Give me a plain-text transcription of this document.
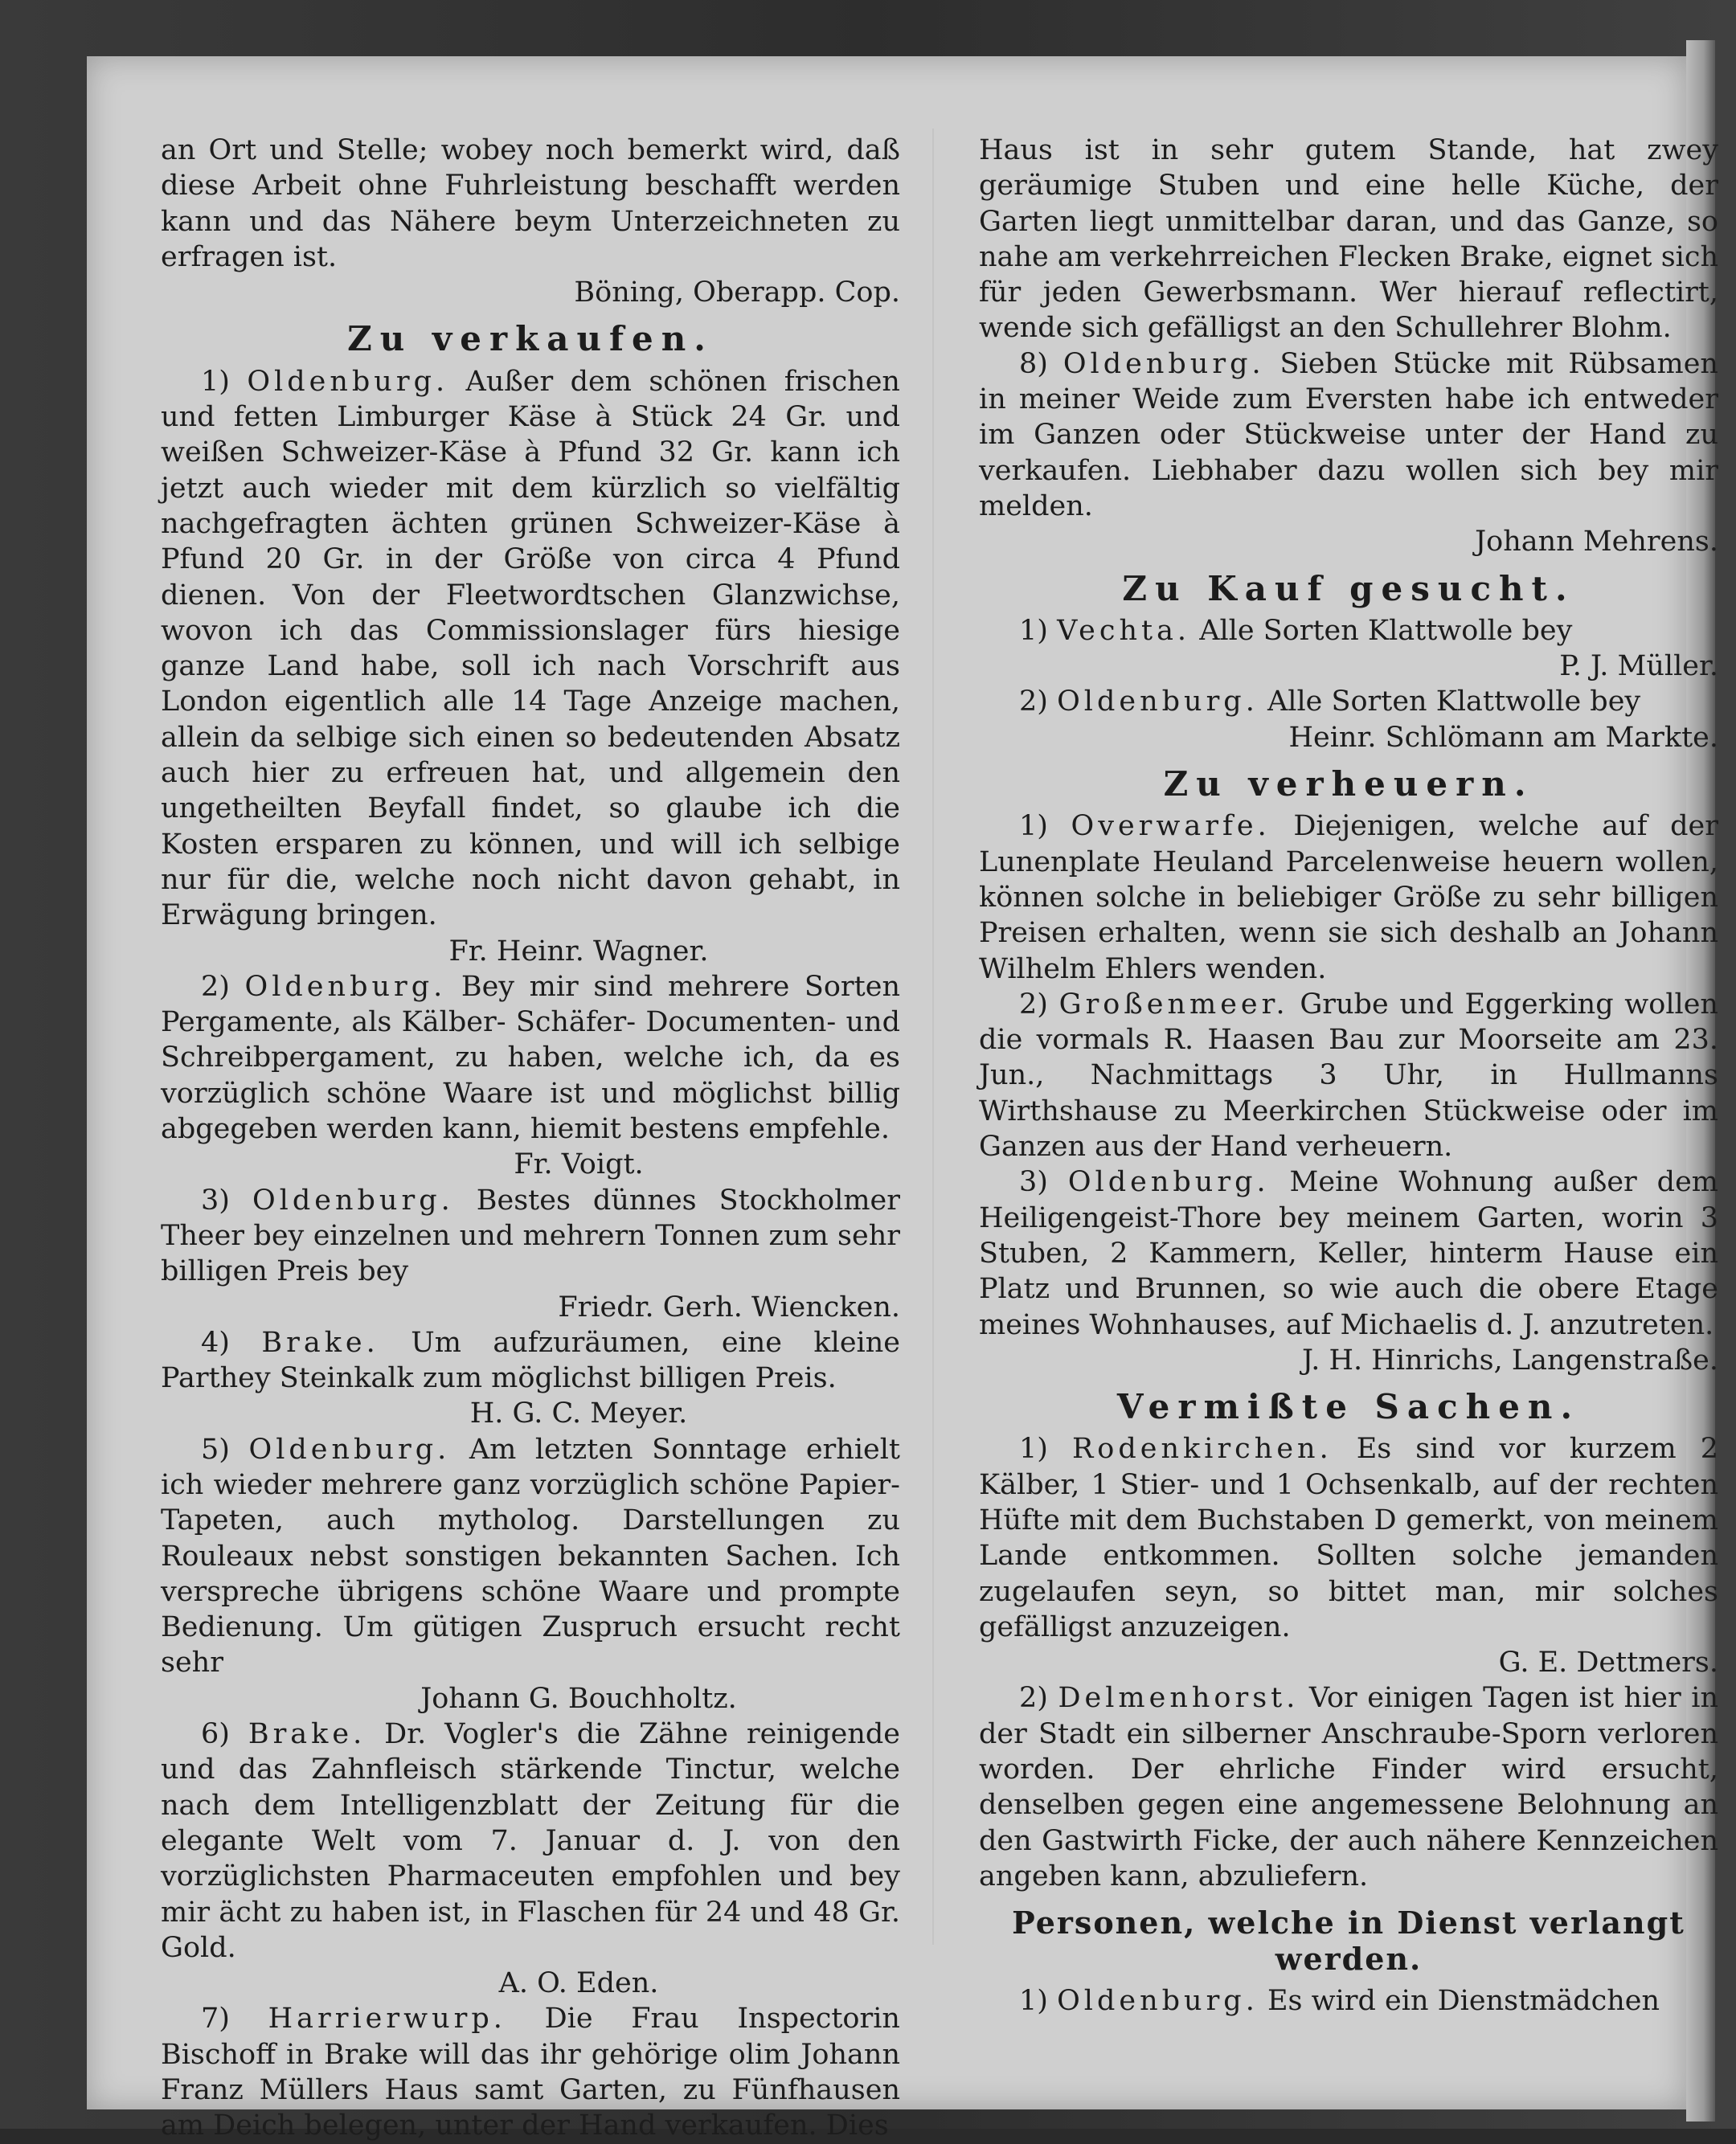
an Ort und Stelle; wobey noch bemerkt wird, daß diese Arbeit ohne Fuhrleistung beschafft werden kann und das Nähere beym Unterzeichneten zu erfragen ist.

Böning, Oberapp. Cop.

Zu verkaufen.

1) Oldenburg. Außer dem schönen frischen und fetten Limburger Käse à Stück 24 Gr. und weißen Schweizer-Käse à Pfund 32 Gr. kann ich jetzt auch wieder mit dem kürzlich so vielfältig nachgefragten ächten grünen Schweizer-Käse à Pfund 20 Gr. in der Größe von circa 4 Pfund dienen. Von der Fleetwordtschen Glanzwichse, wovon ich das Commissionslager fürs hiesige ganze Land habe, soll ich nach Vorschrift aus London eigentlich alle 14 Tage Anzeige machen, allein da selbige sich einen so bedeutenden Absatz auch hier zu erfreuen hat, und allgemein den ungetheilten Beyfall findet, so glaube ich die Kosten ersparen zu können, und will ich selbige nur für die, welche noch nicht davon gehabt, in Erwägung bringen.

Fr. Heinr. Wagner.

2) Oldenburg. Bey mir sind mehrere Sorten Pergamente, als Kälber- Schäfer- Documenten- und Schreibpergament, zu haben, welche ich, da es vorzüglich schöne Waare ist und möglichst billig abgegeben werden kann, hiemit bestens empfehle.

Fr. Voigt.

3) Oldenburg. Bestes dünnes Stockholmer Theer bey einzelnen und mehrern Tonnen zum sehr billigen Preis bey

Friedr. Gerh. Wiencken.

4) Brake. Um aufzuräumen, eine kleine Parthey Steinkalk zum möglichst billigen Preis.

H. G. C. Meyer.

5) Oldenburg. Am letzten Sonntage erhielt ich wieder mehrere ganz vorzüglich schöne Papier-Tapeten, auch mytholog. Darstellungen zu Rouleaux nebst sonstigen bekannten Sachen. Ich verspreche übrigens schöne Waare und prompte Bedienung. Um gütigen Zuspruch ersucht recht sehr

Johann G. Bouchholtz.

6) Brake. Dr. Vogler's die Zähne reinigende und das Zahnfleisch stärkende Tinctur, welche nach dem Intelligenzblatt der Zeitung für die elegante Welt vom 7. Januar d. J. von den vorzüglichsten Pharmaceuten empfohlen und bey mir ächt zu haben ist, in Flaschen für 24 und 48 Gr. Gold.

A. O. Eden.

7) Harrierwurp. Die Frau Inspectorin Bischoff in Brake will das ihr gehörige olim Johann Franz Müllers Haus samt Garten, zu Fünfhausen am Deich belegen, unter der Hand verkaufen. Dies

Haus ist in sehr gutem Stande, hat zwey geräumige Stuben und eine helle Küche, der Garten liegt unmittelbar daran, und das Ganze, so nahe am verkehrreichen Flecken Brake, eignet sich für jeden Gewerbsmann. Wer hierauf reflectirt, wende sich gefälligst an den Schullehrer Blohm.

8) Oldenburg. Sieben Stücke mit Rübsamen in meiner Weide zum Eversten habe ich entweder im Ganzen oder Stückweise unter der Hand zu verkaufen. Liebhaber dazu wollen sich bey mir melden.

Johann Mehrens.

Zu Kauf gesucht.

1) Vechta. Alle Sorten Klattwolle bey

P. J. Müller.

2) Oldenburg. Alle Sorten Klattwolle bey

Heinr. Schlömann am Markte.

Zu verheuern.

1) Overwarfe. Diejenigen, welche auf der Lunenplate Heuland Parcelenweise heuern wollen, können solche in beliebiger Größe zu sehr billigen Preisen erhalten, wenn sie sich deshalb an Johann Wilhelm Ehlers wenden.

2) Großenmeer. Grube und Eggerking wollen die vormals R. Haasen Bau zur Moorseite am 23. Jun., Nachmittags 3 Uhr, in Hullmanns Wirthshause zu Meerkirchen Stückweise oder im Ganzen aus der Hand verheuern.

3) Oldenburg. Meine Wohnung außer dem Heiligengeist-Thore bey meinem Garten, worin 3 Stuben, 2 Kammern, Keller, hinterm Hause ein Platz und Brunnen, so wie auch die obere Etage meines Wohnhauses, auf Michaelis d. J. anzutreten.

J. H. Hinrichs, Langenstraße.

Vermißte Sachen.

1) Rodenkirchen. Es sind vor kurzem 2 Kälber, 1 Stier- und 1 Ochsenkalb, auf der rechten Hüfte mit dem Buchstaben D gemerkt, von meinem Lande entkommen. Sollten solche jemanden zugelaufen seyn, so bittet man, mir solches gefälligst anzuzeigen.

G. E. Dettmers.

2) Delmenhorst. Vor einigen Tagen ist hier in der Stadt ein silberner Anschraube-Sporn verloren worden. Der ehrliche Finder wird ersucht, denselben gegen eine angemessene Belohnung an den Gastwirth Ficke, der auch nähere Kennzeichen angeben kann, abzuliefern.

Personen, welche in Dienst verlangt werden.

1) Oldenburg. Es wird ein Dienstmädchen
